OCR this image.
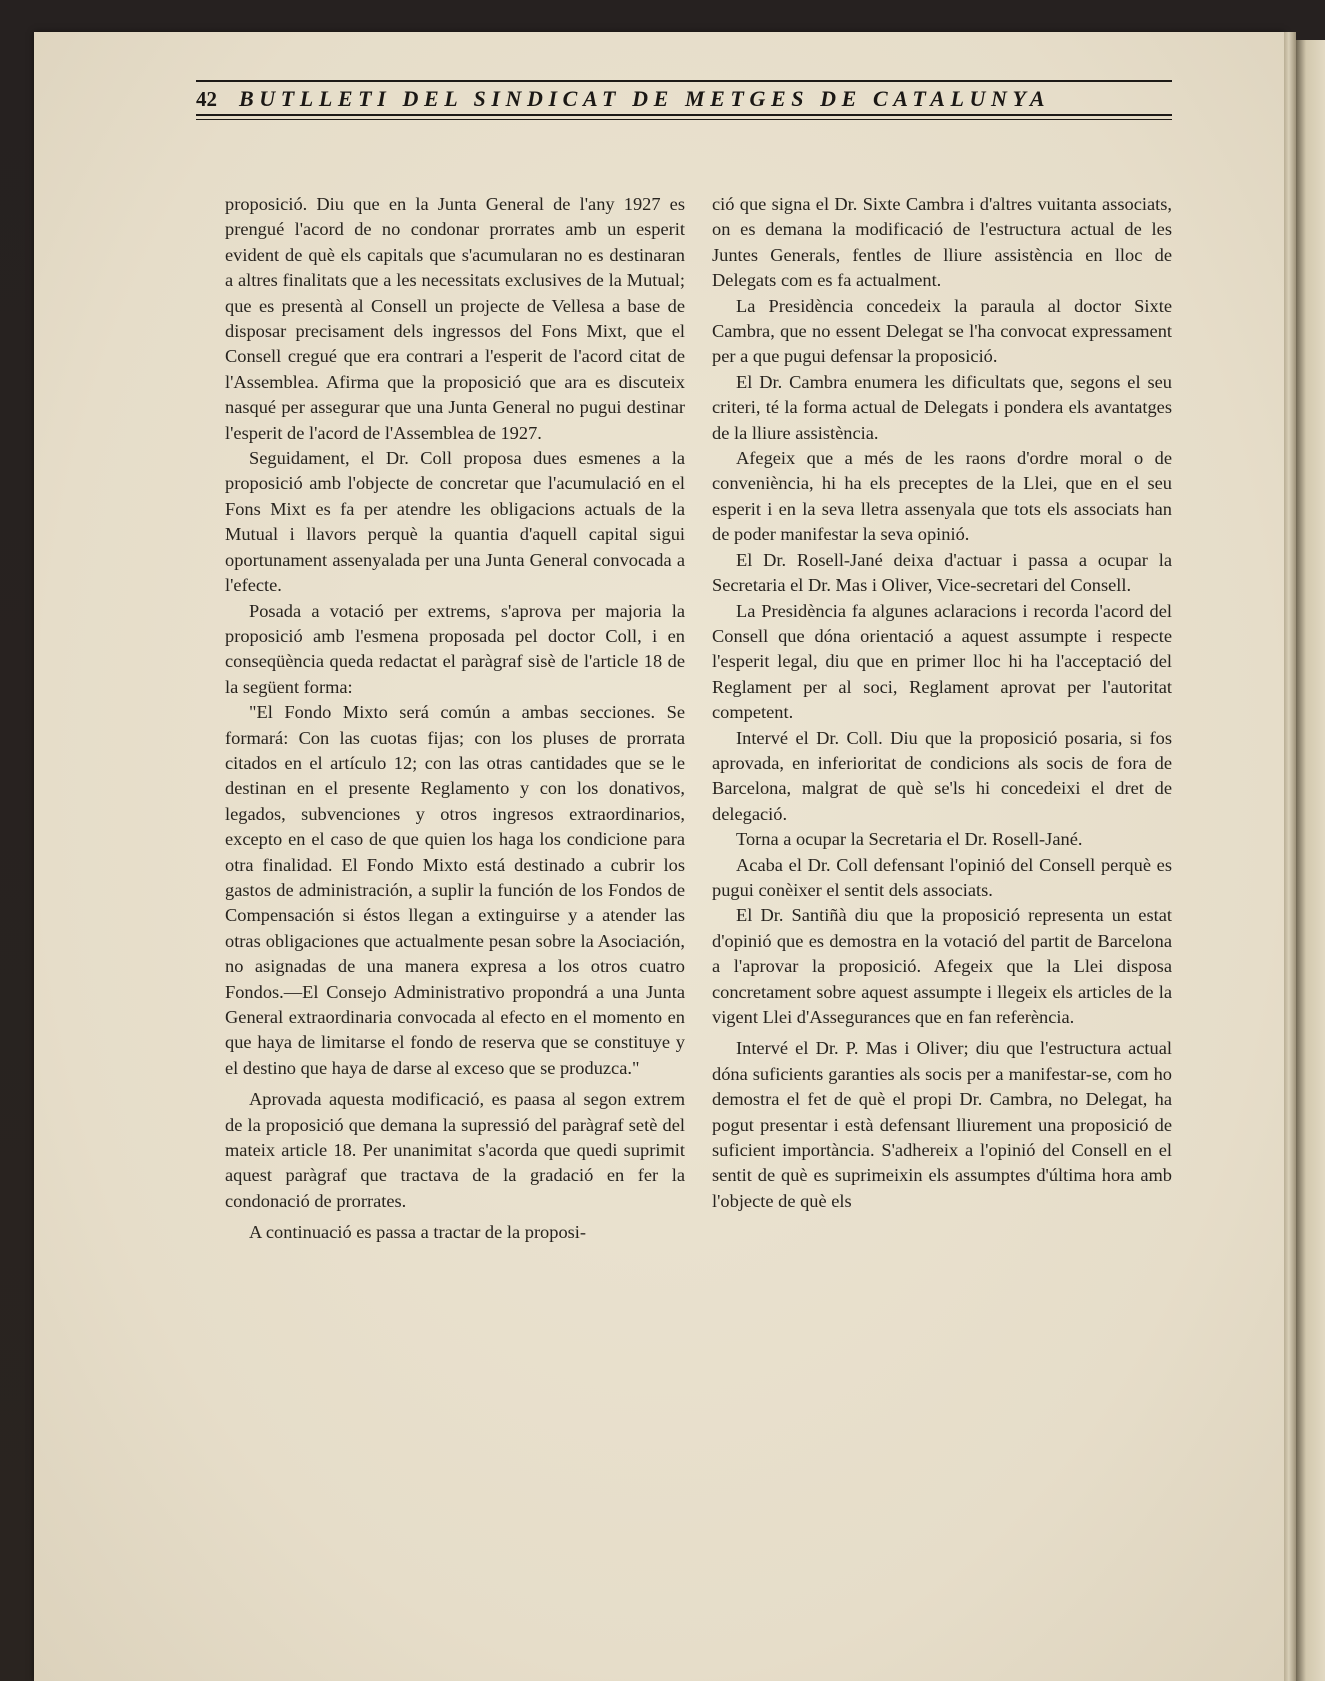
42 BUTLLETI DEL SINDICAT DE METGES DE CATALUNYA

proposició. Diu que en la Junta General de l'any 1927 es prengué l'acord de no condonar prorrates amb un esperit evident de què els capitals que s'acumularan no es destinaran a altres finalitats que a les necessitats exclusives de la Mutual; que es presentà al Consell un projecte de Vellesa a base de disposar precisament dels ingressos del Fons Mixt, que el Consell cregué que era contrari a l'esperit de l'acord citat de l'Assemblea. Afirma que la proposició que ara es discuteix nasqué per assegurar que una Junta General no pugui destinar l'esperit de l'acord de l'Assemblea de 1927.

Seguidament, el Dr. Coll proposa dues esmenes a la proposició amb l'objecte de concretar que l'acumulació en el Fons Mixt es fa per atendre les obligacions actuals de la Mutual i llavors perquè la quantia d'aquell capital sigui oportunament assenyalada per una Junta General convocada a l'efecte.

Posada a votació per extrems, s'aprova per majoria la proposició amb l'esmena proposada pel doctor Coll, i en conseqüència queda redactat el paràgraf sisè de l'article 18 de la següent forma:

"El Fondo Mixto será común a ambas secciones. Se formará: Con las cuotas fijas; con los pluses de prorrata citados en el artículo 12; con las otras cantidades que se le destinan en el presente Reglamento y con los donativos, legados, subvenciones y otros ingresos extraordinarios, excepto en el caso de que quien los haga los condicione para otra finalidad. El Fondo Mixto está destinado a cubrir los gastos de administración, a suplir la función de los Fondos de Compensación si éstos llegan a extinguirse y a atender las otras obligaciones que actualmente pesan sobre la Asociación, no asignadas de una manera expresa a los otros cuatro Fondos.—El Consejo Administrativo propondrá a una Junta General extraordinaria convocada al efecto en el momento en que haya de limitarse el fondo de reserva que se constituye y el destino que haya de darse al exceso que se produzca."

Aprovada aquesta modificació, es paasa al segon extrem de la proposició que demana la supressió del paràgraf setè del mateix article 18. Per unanimitat s'acorda que quedi suprimit aquest paràgraf que tractava de la gradació en fer la condonació de prorrates.

A continuació es passa a tractar de la proposi-

ció que signa el Dr. Sixte Cambra i d'altres vuitanta associats, on es demana la modificació de l'estructura actual de les Juntes Generals, fentles de lliure assistència en lloc de Delegats com es fa actualment.

La Presidència concedeix la paraula al doctor Sixte Cambra, que no essent Delegat se l'ha convocat expressament per a que pugui defensar la proposició.

El Dr. Cambra enumera les dificultats que, segons el seu criteri, té la forma actual de Delegats i pondera els avantatges de la lliure assistència.

Afegeix que a més de les raons d'ordre moral o de conveniència, hi ha els preceptes de la Llei, que en el seu esperit i en la seva lletra assenyala que tots els associats han de poder manifestar la seva opinió.

El Dr. Rosell-Jané deixa d'actuar i passa a ocupar la Secretaria el Dr. Mas i Oliver, Vice-secretari del Consell.

La Presidència fa algunes aclaracions i recorda l'acord del Consell que dóna orientació a aquest assumpte i respecte l'esperit legal, diu que en primer lloc hi ha l'acceptació del Reglament per al soci, Reglament aprovat per l'autoritat competent.

Intervé el Dr. Coll. Diu que la proposició posaria, si fos aprovada, en inferioritat de condicions als socis de fora de Barcelona, malgrat de què se'ls hi concedeixi el dret de delegació.

Torna a ocupar la Secretaria el Dr. Rosell-Jané.

Acaba el Dr. Coll defensant l'opinió del Consell perquè es pugui conèixer el sentit dels associats.

El Dr. Santiñà diu que la proposició representa un estat d'opinió que es demostra en la votació del partit de Barcelona a l'aprovar la proposició. Afegeix que la Llei disposa concretament sobre aquest assumpte i llegeix els articles de la vigent Llei d'Assegurances que en fan referència.

Intervé el Dr. P. Mas i Oliver; diu que l'estructura actual dóna suficients garanties als socis per a manifestar-se, com ho demostra el fet de què el propi Dr. Cambra, no Delegat, ha pogut presentar i està defensant lliurement una proposició de suficient importància. S'adhereix a l'opinió del Consell en el sentit de què es suprimeixin els assumptes d'última hora amb l'objecte de què els
